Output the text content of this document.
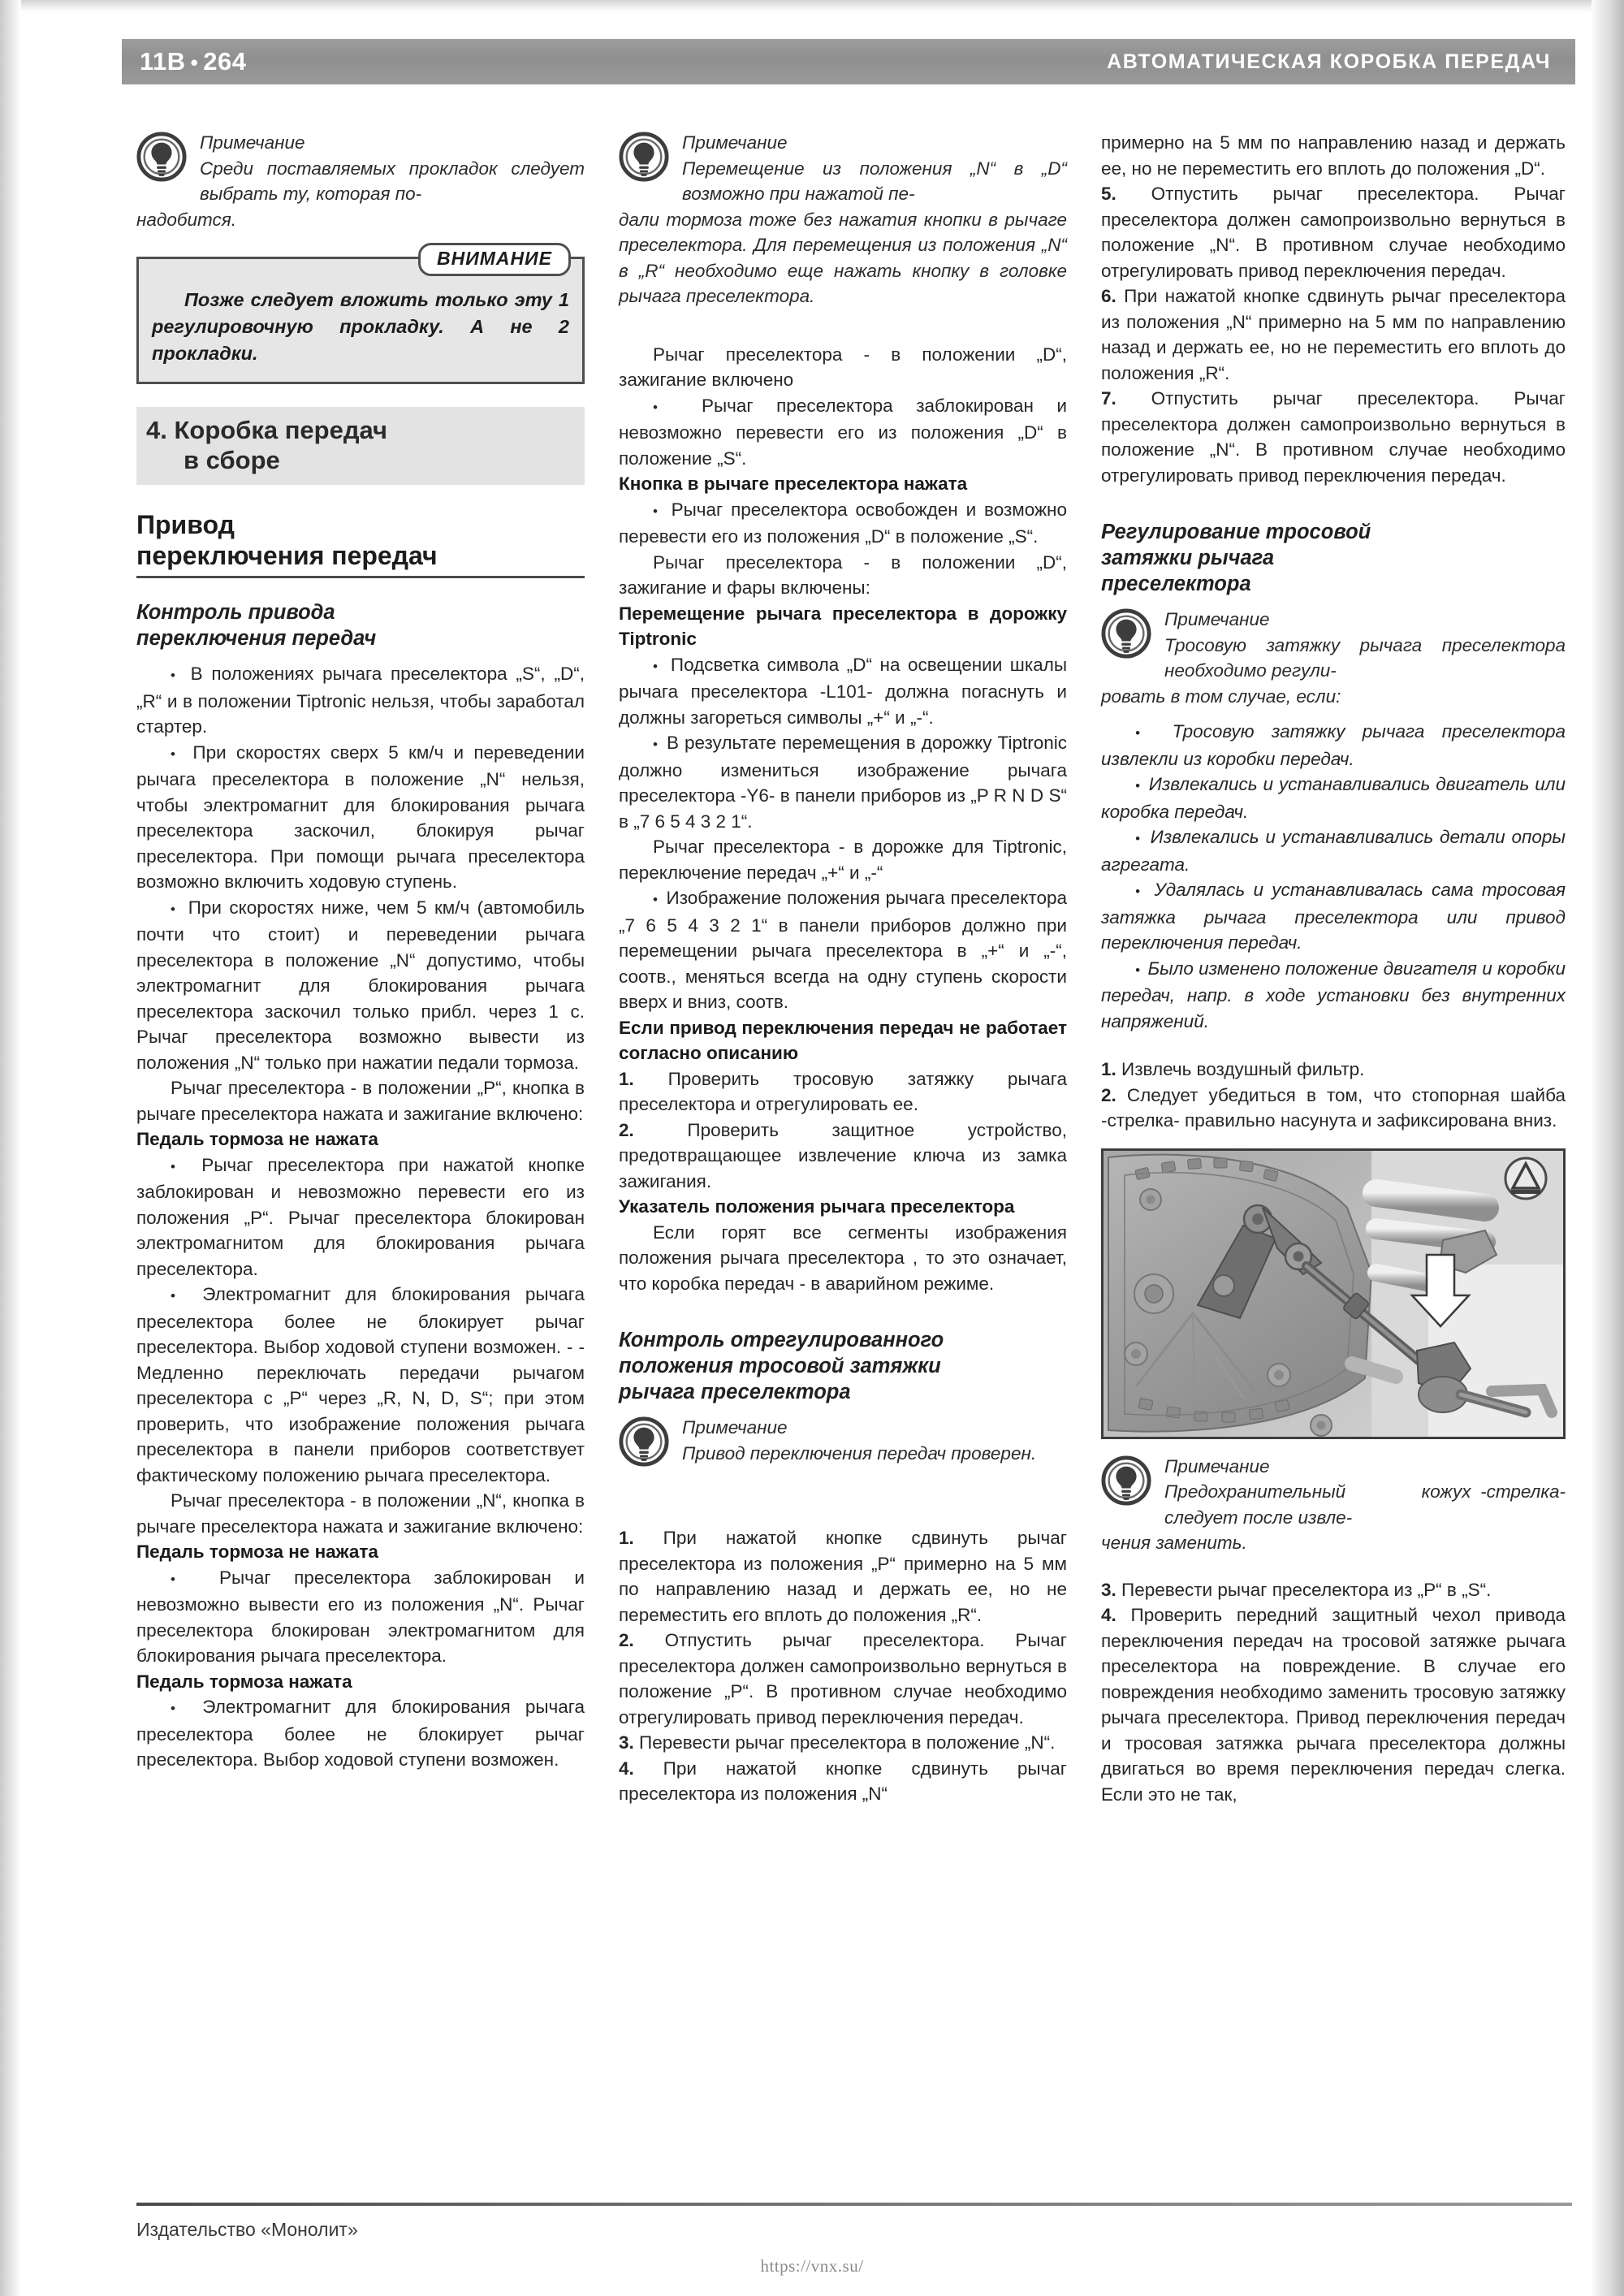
11B • 264	АВТОМАТИЧЕСКАЯ КОРОБКА ПЕРЕДАЧ
Примечание
Среди поставляемых прокладок следует выбрать ту, которая по-
надобится.
ВНИМАНИЕ
Позже следует вложить только эту 1 регулировочную прокладку. А не 2 прокладки.
4. Коробка передач
в сборе
Привод
переключения передач
Контроль привода
переключения передач

•  В положениях рычага преселектора „S“, „D“, „R“ и в положении Tiptronic нельзя, чтобы заработал стартер.

•  При скоростях сверх 5 км/ч и переведении рычага преселектора в положение „N“ нельзя, чтобы электромагнит для блокирования рычага преселектора заскочил, блокируя рычаг преселектора. При помощи рычага преселектора возможно включить ходовую ступень.

•  При скоростях ниже, чем 5 км/ч (автомобиль почти что стоит) и переведении рычага преселектора в положение „N“ допустимо, чтобы электромагнит для блокирования рычага преселектора заскочил только прибл. через 1 с. Рычаг преселектора возможно вывести из положения „N“ только при нажатии педали тормоза.

Рычаг преселектора - в положении „P“, кнопка в рычаге преселектора нажата и зажигание включено:

Педаль тормоза не нажата

•  Рычаг преселектора при нажатой кнопке заблокирован и невозможно перевести его из положения „P“. Рычаг преселектора блокирован электромагнитом для блокирования рычага преселектора.

•  Электромагнит для блокирования рычага преселектора более не блокирует рычаг преселектора. Выбор ходовой ступени возможен. - - Медленно переключать передачи рычагом преселектора с „P“ через „R, N, D, S“; при этом проверить, что изображение положения рычага преселектора в панели приборов соответствует фактическому положению рычага преселектора.

Рычаг преселектора - в положении „N“, кнопка в рычаге преселектора нажата и зажигание включено:

Педаль тормоза не нажата

•  Рычаг преселектора заблокирован и невозможно вывести его из положения „N“. Рычаг преселектора блокирован электромагнитом для блокирования рычага преселектора.

Педаль тормоза нажата

•  Электромагнит для блокирования рычага преселектора более не блокирует рычаг преселектора. Выбор ходовой ступени возможен.

Примечание
Перемещение из положения „N“ в „D“ возможно при нажатой пе-
дали тормоза тоже без нажатия кнопки в рычаге преселектора. Для перемещения из положения „N“ в „R“ необходимо еще нажать кнопку в головке рычага преселектора.

Рычаг преселектора - в положении „D“, зажигание включено

•  Рычаг преселектора заблокирован и невозможно перевести его из положения „D“ в положение „S“.

Кнопка в рычаге преселектора нажата

•  Рычаг преселектора освобожден и возможно перевести его из положения „D“ в положение „S“.

Рычаг преселектора - в положении „D“, зажигание и фары включены:

Перемещение рычага преселектора в дорожку Tiptronic

•  Подсветка символа „D“ на освещении шкалы рычага преселектора -L101- должна погаснуть и должны загореться символы „+“ и „-“.

•  В результате перемещения в дорожку Tiptronic должно измениться изображение рычага преселектора -Y6- в панели приборов из „P R N D S“ в „7 6 5 4 3 2 1“.

Рычаг преселектора - в дорожке для Tiptronic, переключение передач „+“ и „-“

•  Изображение положения рычага преселектора „7 6 5 4 3 2 1“ в панели приборов должно при перемещении рычага преселектора в „+“ и „-“, соотв., меняться всегда на одну ступень скорости вверх и вниз, соотв.

Если привод переключения передач не работает согласно описанию

1. Проверить тросовую затяжку рычага преселектора и отрегулировать ее.

2.	Проверить защитное устройство, предотвращающее извлечение ключа из замка зажигания.

Указатель положения рычага преселектора

Если горят все сегменты изображения положения рычага преселектора , то это означает, что коробка передач - в аварийном режиме.

Контроль отрегулированного
положения тросовой затяжки
рычага преселектора
Примечание
Привод переключения передач проверен.

1. При нажатой кнопке сдвинуть рычаг преселектора из положения „P“ примерно на 5 мм по направлению назад и держать ее, но не переместить его вплоть до положения „R“.

2. Отпустить рычаг преселектора. Рычаг преселектора должен самопроизвольно вернуться в положение „P“. В противном случае необходимо отрегулировать привод переключения передач.

3. Перевести рычаг преселектора в положение „N“.

4. При нажатой кнопке сдвинуть рычаг преселектора из положения „N“

примерно на 5 мм по направлению назад и держать ее, но не переместить его вплоть до положения „D“.

5. Отпустить рычаг преселектора. Рычаг преселектора должен самопроизвольно вернуться в положение „N“. В противном случае необходимо отрегулировать привод переключения передач.

6. При нажатой кнопке сдвинуть рычаг преселектора из положения „N“ примерно на 5 мм по направлению назад и держать ее, но не переместить его вплоть до положения „R“.

7. Отпустить рычаг преселектора. Рычаг преселектора должен самопроизвольно вернуться в положение „N“. В противном случае необходимо отрегулировать привод переключения передач.

Регулирование тросовой
затяжки рычага
преселектора
Примечание
Тросовую затяжку рычага преселектора необходимо регули-
ровать в том случае, если:

•  Тросовую затяжку рычага преселектора извлекли из коробки передач.

•  Извлекались и устанавливались двигатель или коробка передач.

•  Извлекались и устанавливались детали опоры агрегата.

•  Удалялась и устанавливалась сама тросовая затяжка рычага преселектора или привод переключения передач.

•  Было изменено положение двигателя и коробки передач, напр. в ходе установки без внутренних напряжений.

1. Извлечь воздушный фильтр.

2. Следует убедиться в том, что стопорная шайба -стрелка- правильно насунута и зафиксирована вниз.

Примечание
Предохранительный        кожух -стрелка- следует после извле-
чения заменить.

3. Перевести рычаг преселектора из „P“ в „S“.

4. Проверить передний защитный чехол привода переключения передач на тросовой затяжке рычага преселектора на повреждение. В случае его повреждения необходимо заменить тросовую затяжку рычага преселектора. Привод переключения передач и тросовая затяжка рычага преселектора должны двигаться во время переключения передач слегка. Если это не так,

Издательство «Монолит»
https://vnx.su/
